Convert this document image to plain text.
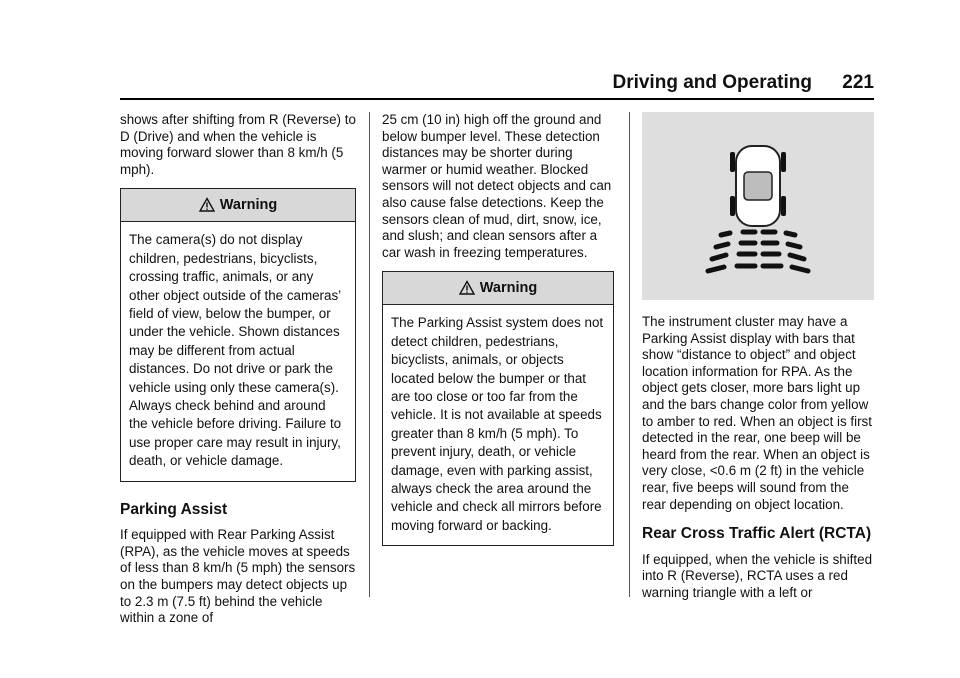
Driving and Operating 221

shows after shifting from R (Reverse) to D (Drive) and when the vehicle is moving forward slower than 8 km/h (5 mph).

Warning
The camera(s) do not display children, pedestrians, bicyclists, crossing traffic, animals, or any other object outside of the cameras’ field of view, below the bumper, or under the vehicle. Shown distances may be different from actual distances. Do not drive or park the vehicle using only these camera(s). Always check behind and around the vehicle before driving. Failure to use proper care may result in injury, death, or vehicle damage.
Parking Assist

If equipped with Rear Parking Assist (RPA), as the vehicle moves at speeds of less than 8 km/h (5 mph) the sensors on the bumpers may detect objects up to 2.3 m (7.5 ft) behind the vehicle within a zone of

25 cm (10 in) high off the ground and below bumper level. These detection distances may be shorter during warmer or humid weather. Blocked sensors will not detect objects and can also cause false detections. Keep the sensors clean of mud, dirt, snow, ice, and slush; and clean sensors after a car wash in freezing temperatures.

Warning
The Parking Assist system does not detect children, pedestrians, bicyclists, animals, or objects located below the bumper or that are too close or too far from the vehicle. It is not available at speeds greater than 8 km/h (5 mph). To prevent injury, death, or vehicle damage, even with parking assist, always check the area around the vehicle and check all mirrors before moving forward or backing.

The instrument cluster may have a Parking Assist display with bars that show “distance to object” and object location information for RPA. As the object gets closer, more bars light up and the bars change color from yellow to amber to red. When an object is first detected in the rear, one beep will be heard from the rear. When an object is very close, <0.6 m (2 ft) in the vehicle rear, five beeps will sound from the rear depending on object location.

Rear Cross Traffic Alert (RCTA)

If equipped, when the vehicle is shifted into R (Reverse), RCTA uses a red warning triangle with a left or
